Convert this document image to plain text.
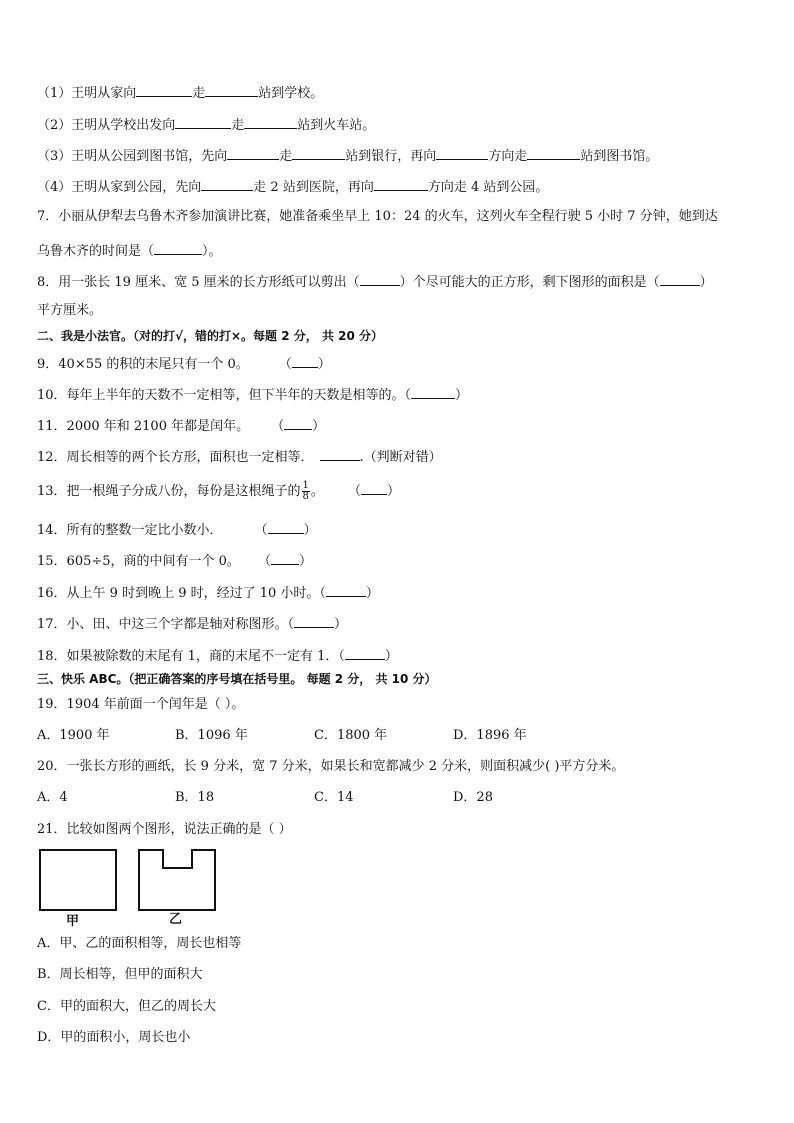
（1）王明从家向	走	站到学校。
（2）王明从学校出发向	走	站到火车站。
（3）王明从公园到图书馆，先向	走	站到银行，再向	方向走	站到图书馆。
（4）王明从家到公园，先向	走 2 站到医院，再向	方向走 4 站到公园。
7．小丽从伊犁去乌鲁木齐参加演讲比赛，她准备乘坐早上 10：24 的火车，这列火车全程行驶 5 小时 7 分钟，她到达
乌鲁木齐的时间是（	）。
8．用一张长 19 厘米、宽 5 厘米的长方形纸可以剪出（	）个尽可能大的正方形，剩下图形的面积是（	）
平方厘米。
二、我是小法官。（对的打√，错的打×。每题 2 分， 共 20 分）
9．40×55 的积的末尾只有一个 0。 （ ）
10．每年上半年的天数不一定相等，但下半年的天数是相等的。（	）
11．2000 年和 2100 年都是闰年。 （ ）
12．周长相等的两个长方形，面积也一定相等．	.（判断对错）
13．把一根绳子分成八份，每份是这根绳子的 $\frac{1}{8}$ 。 （ ）
14．所有的整数一定比小数小． （	）
15．605÷5，商的中间有一个 0。 （ ）
16．从上午 9 时到晚上 9 时，经过了 10 小时。（	）
17．小、田、中这三个字都是轴对称图形。（	）
18．如果被除数的末尾有 1，商的末尾不一定有 1．（	）
三、快乐 ABC。（把正确答案的序号填在括号里。 每题 2 分， 共 10 分）
19．1904 年前面一个闰年是（ ）。
A．1900 年	B．1096 年	C．1800 年	D．1896 年
20．一张长方形的画纸，长 9 分米，宽 7 分米，如果长和宽都减少 2 分米，则面积减少( )平方分米。
A．4	B．18	C．14	D．28
21．比较如图两个图形，说法正确的是（ ）
甲	乙
A．甲、乙的面积相等，周长也相等
B．周长相等，但甲的面积大
C．甲的面积大，但乙的周长大
D．甲的面积小，周长也小
